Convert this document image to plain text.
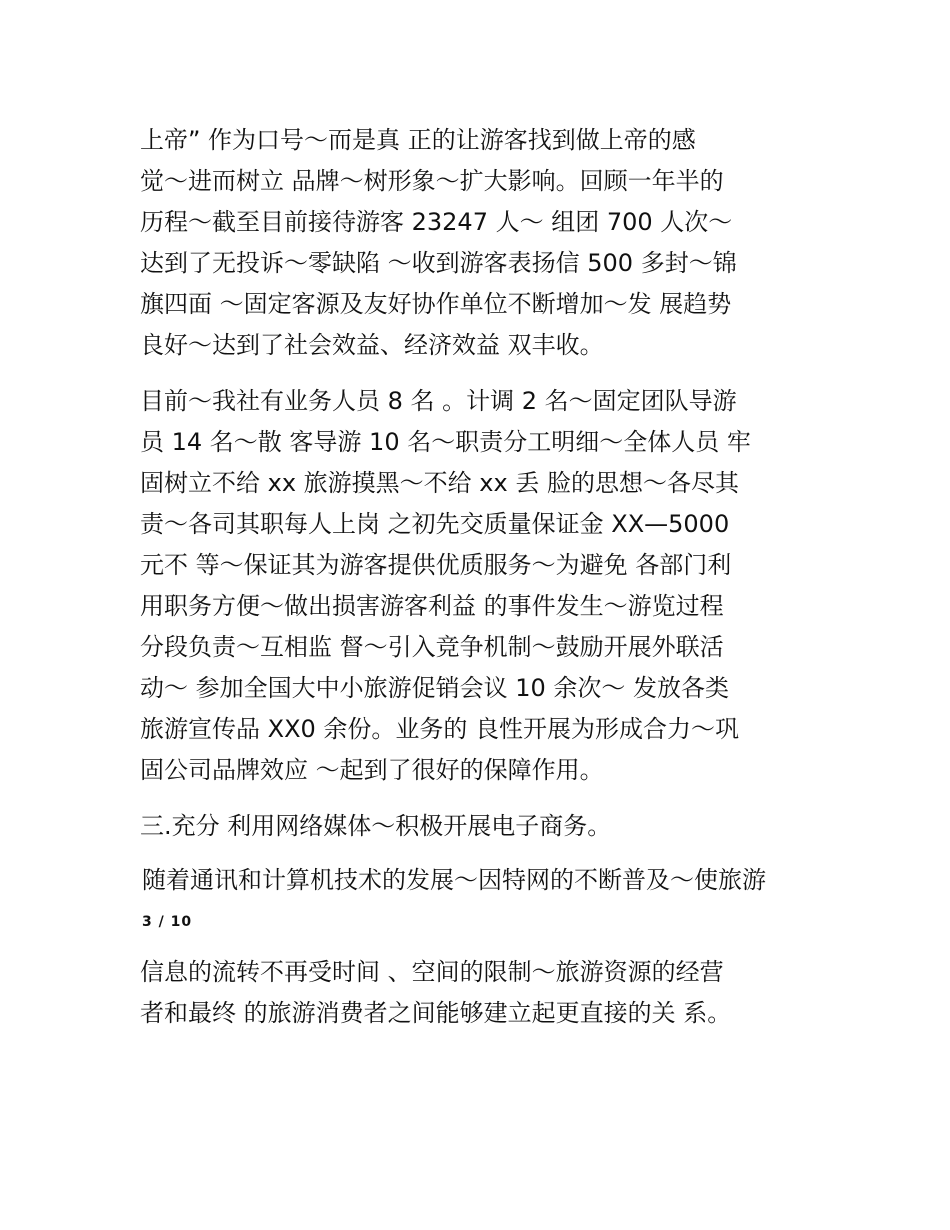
上帝” 作为口号～而是真 正的让游客找到做上帝的感
觉～进而树立 品牌～树形象～扩大影响。回顾一年半的
历程～截至目前接待游客 23247 人～ 组团 700 人次～
达到了无投诉～零缺陷 ～收到游客表扬信 500 多封～锦
旗四面 ～固定客源及友好协作单位不断增加～发 展趋势
良好～达到了社会效益、经济效益 双丰收。
目前～我社有业务人员 8 名 。计调 2 名～固定团队导游
员 14 名～散 客导游 10 名～职责分工明细～全体人员 牢
固树立不给 xx 旅游摸黑～不给 xx 丢 脸的思想～各尽其
责～各司其职每人上岗 之初先交质量保证金 XX—5000
元不 等～保证其为游客提供优质服务～为避免 各部门利
用职务方便～做出损害游客利益 的事件发生～游览过程
分段负责～互相监 督～引入竞争机制～鼓励开展外联活
动～ 参加全国大中小旅游促销会议 10 余次～ 发放各类
旅游宣传品 XX0 余份。业务的 良性开展为形成合力～巩
固公司品牌效应 ～起到了很好的保障作用。
三.充分 利用网络媒体～积极开展电子商务。
随着通讯和计算机技术的发展～因特网的不断普及～使旅游
3 / 10
信息的流转不再受时间 、空间的限制～旅游资源的经营
者和最终 的旅游消费者之间能够建立起更直接的关 系。
